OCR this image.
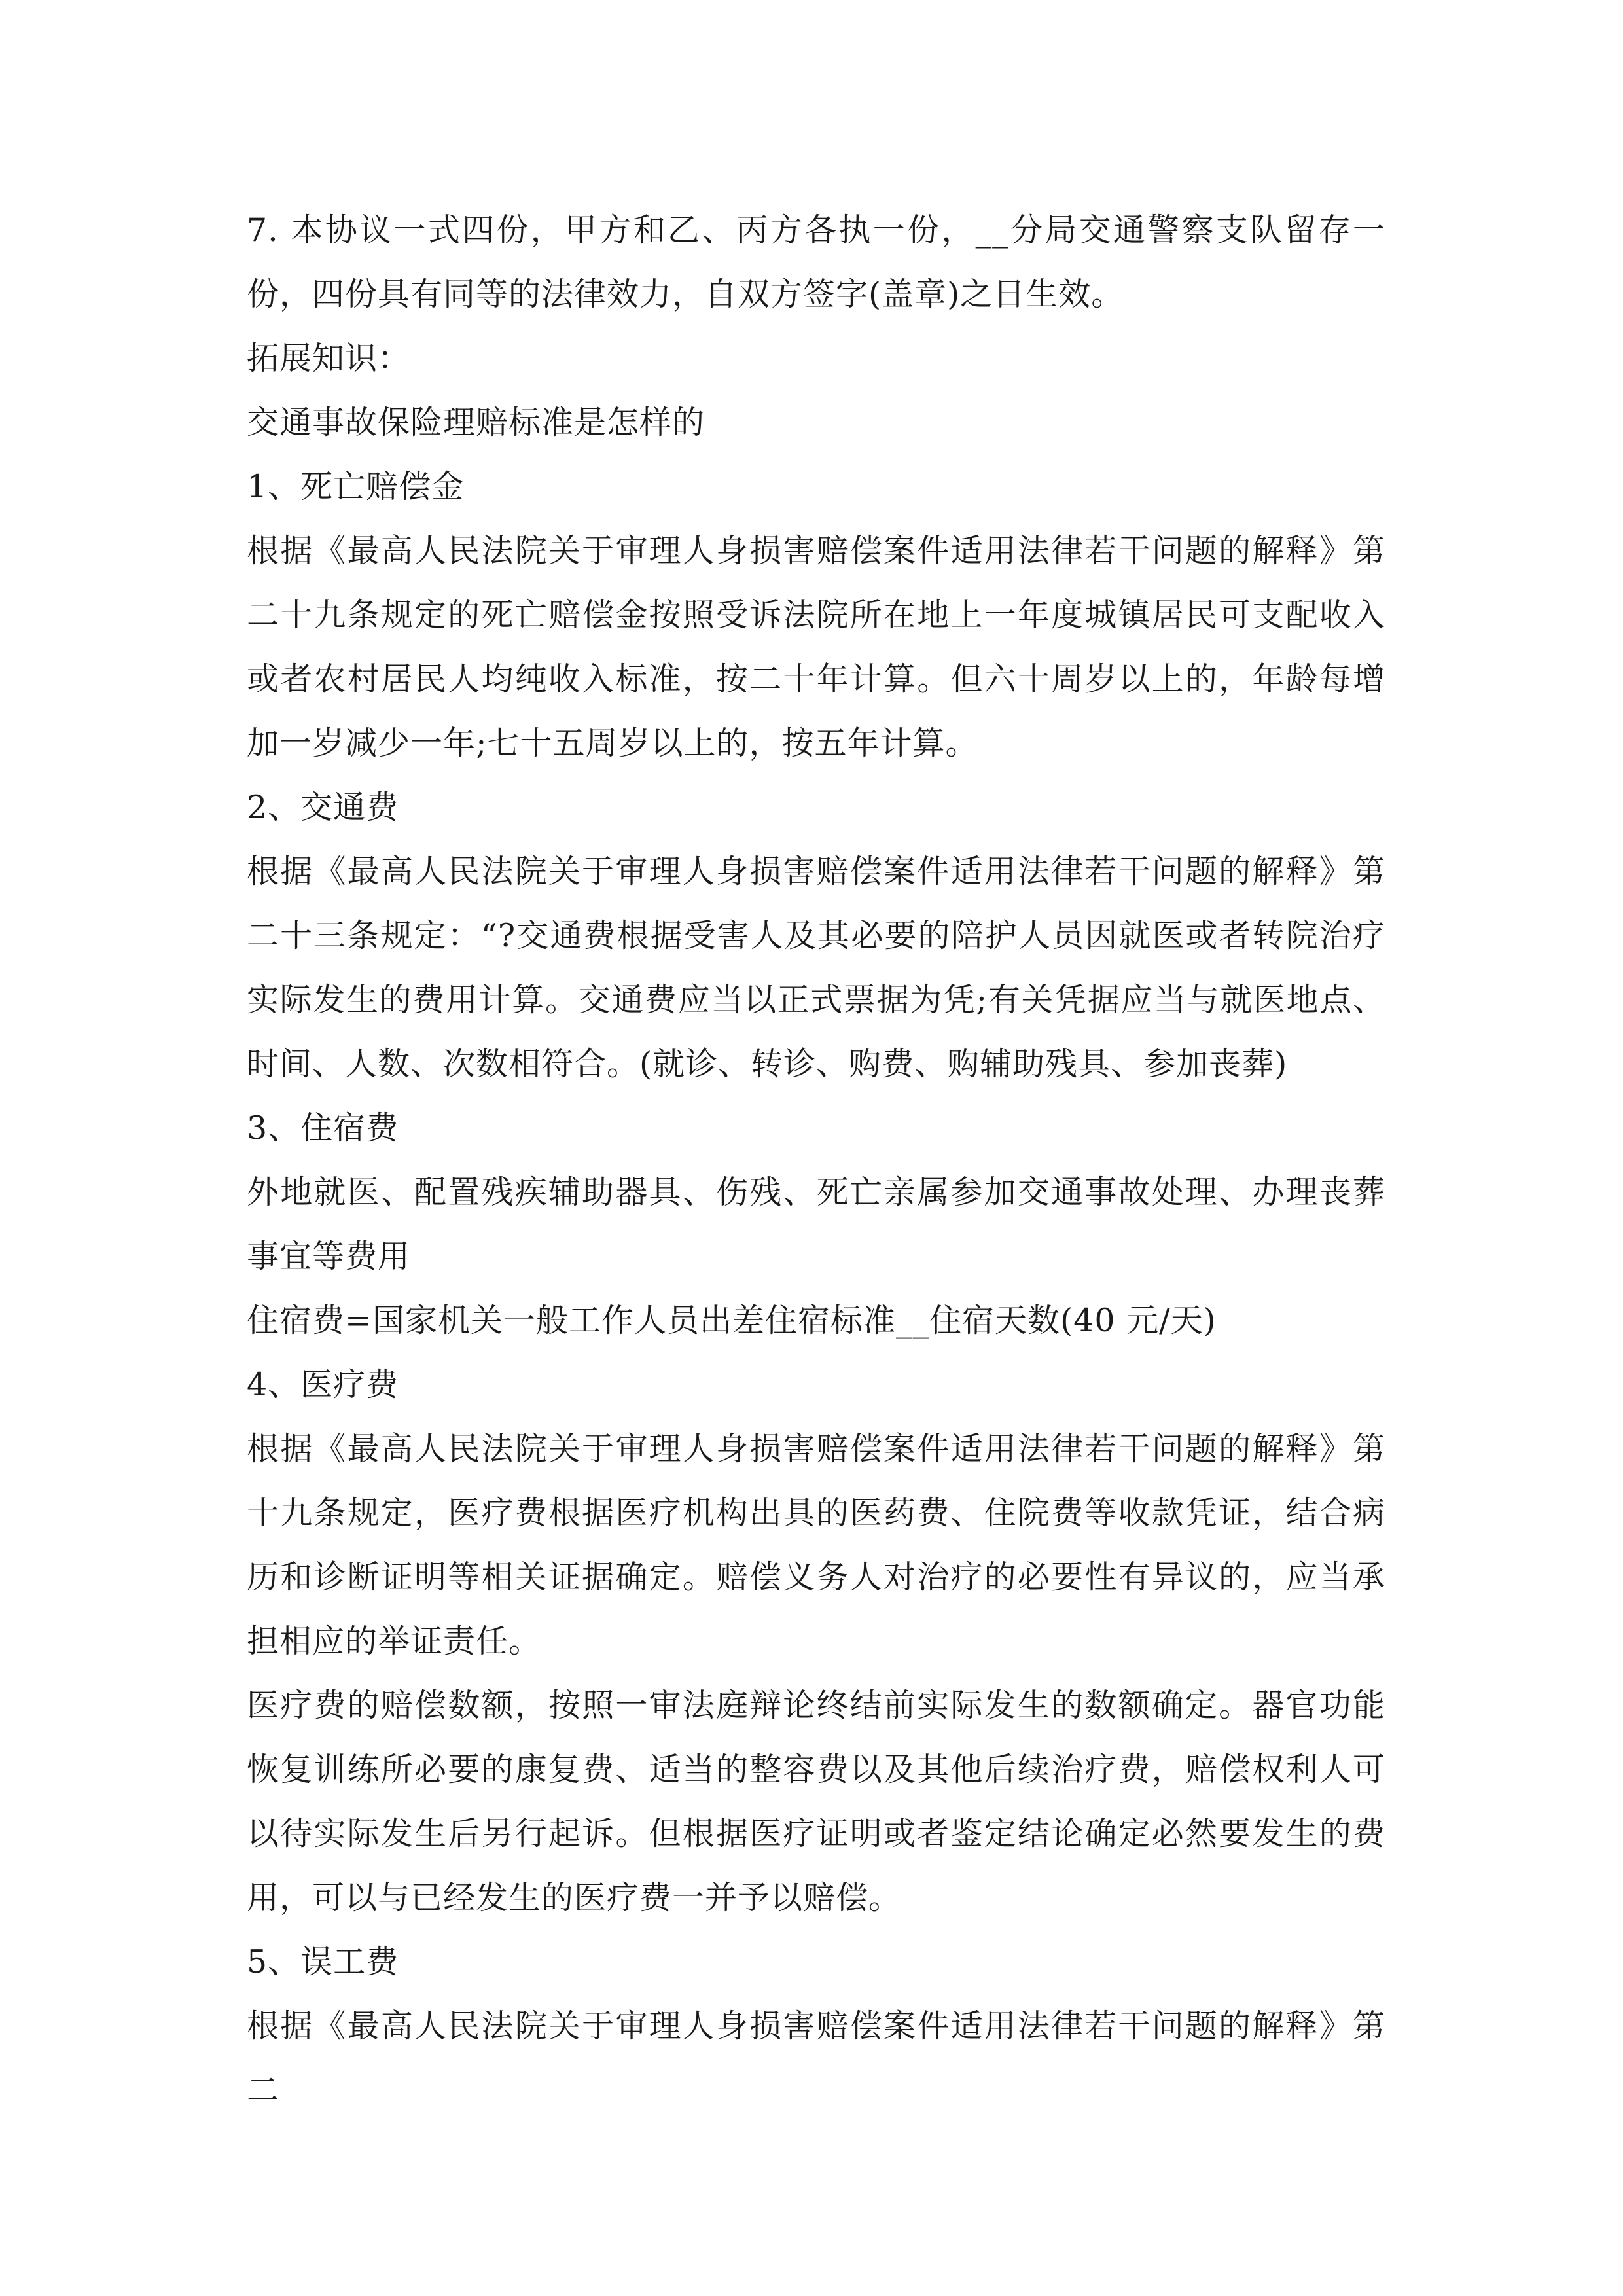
7. 本协议一式四份，甲方和乙、丙方各执一份，__分局交通警察支队留存一份，四份具有同等的法律效力，自双方签字(盖章)之日生效。

拓展知识：

交通事故保险理赔标准是怎样的

1、死亡赔偿金

根据《最高人民法院关于审理人身损害赔偿案件适用法律若干问题的解释》第二十九条规定的死亡赔偿金按照受诉法院所在地上一年度城镇居民可支配收入或者农村居民人均纯收入标准，按二十年计算。但六十周岁以上的，年龄每增加一岁减少一年;七十五周岁以上的，按五年计算。

2、交通费

根据《最高人民法院关于审理人身损害赔偿案件适用法律若干问题的解释》第二十三条规定：“?交通费根据受害人及其必要的陪护人员因就医或者转院治疗实际发生的费用计算。交通费应当以正式票据为凭;有关凭据应当与就医地点、时间、人数、次数相符合。(就诊、转诊、购费、购辅助残具、参加丧葬)

3、住宿费

外地就医、配置残疾辅助器具、伤残、死亡亲属参加交通事故处理、办理丧葬事宜等费用

住宿费=国家机关一般工作人员出差住宿标准__住宿天数(40 元/天)

4、医疗费

根据《最高人民法院关于审理人身损害赔偿案件适用法律若干问题的解释》第十九条规定，医疗费根据医疗机构出具的医药费、住院费等收款凭证，结合病历和诊断证明等相关证据确定。赔偿义务人对治疗的必要性有异议的，应当承担相应的举证责任。

医疗费的赔偿数额，按照一审法庭辩论终结前实际发生的数额确定。器官功能恢复训练所必要的康复费、适当的整容费以及其他后续治疗费，赔偿权利人可以待实际发生后另行起诉。但根据医疗证明或者鉴定结论确定必然要发生的费用，可以与已经发生的医疗费一并予以赔偿。

5、误工费

根据《最高人民法院关于审理人身损害赔偿案件适用法律若干问题的解释》第二
